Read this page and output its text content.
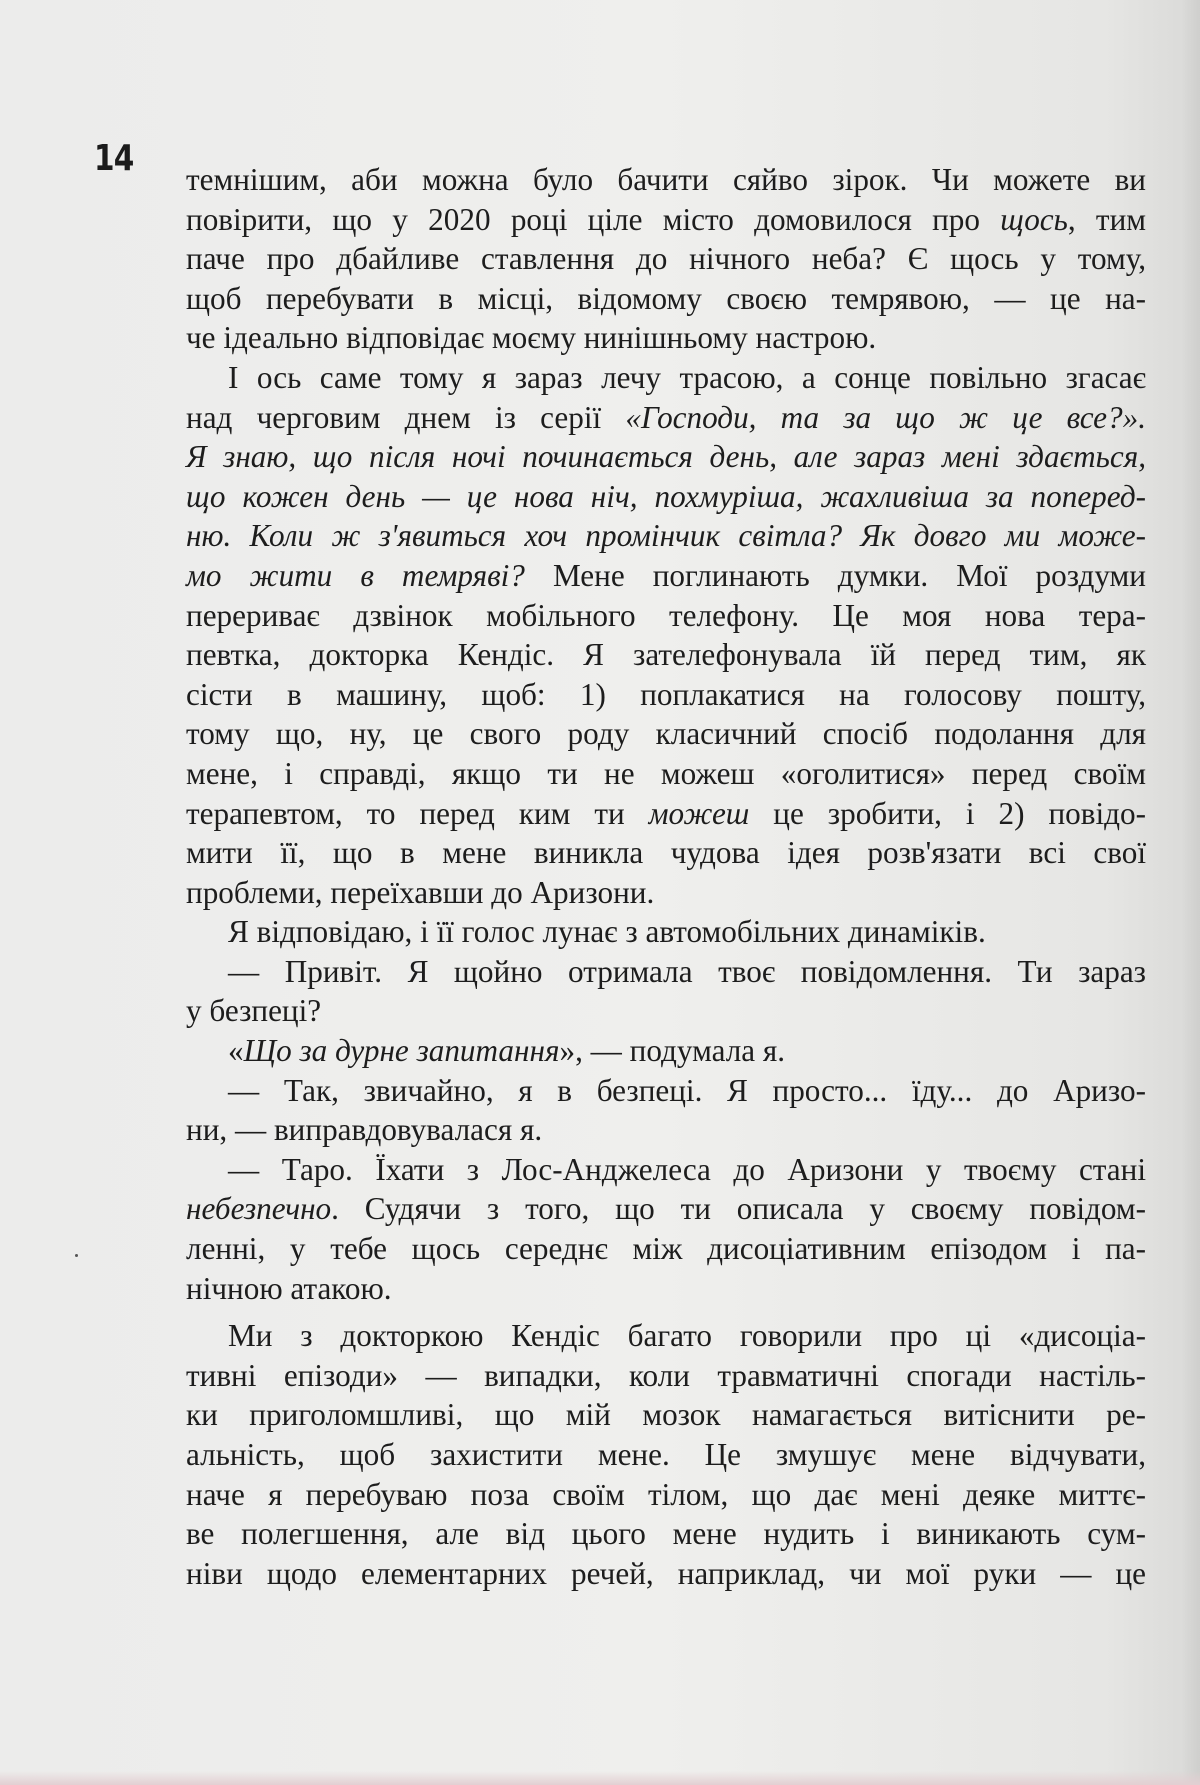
14
темнішим, аби можна було бачити сяйво зірок. Чи можете ви
повірити, що у 2020 році ціле місто домовилося про щось, тим
паче про дбайливе ставлення до нічного неба? Є щось у тому,
щоб перебувати в місці, відомому своєю темрявою, — це на-
че ідеально відповідає моєму нинішньому настрою.
І ось саме тому я зараз лечу трасою, а сонце повільно згасає
над черговим днем із серії «Господи, та за що ж це все?».
Я знаю, що після ночі починається день, але зараз мені здається,
що кожен день — це нова ніч, похмуріша, жахливіша за поперед-
ню. Коли ж з'явиться хоч промінчик світла? Як довго ми може-
мо жити в темряві? Мене поглинають думки. Мої роздуми
перериває дзвінок мобільного телефону. Це моя нова тера-
певтка, докторка Кендіс. Я зателефонувала їй перед тим, як
сісти в машину, щоб: 1) поплакатися на голосову пошту,
тому що, ну, це свого роду класичний спосіб подолання для
мене, і справді, якщо ти не можеш «оголитися» перед своїм
терапевтом, то перед ким ти можеш це зробити, і 2) повідо-
мити її, що в мене виникла чудова ідея розв'язати всі свої
проблеми, переїхавши до Аризони.
Я відповідаю, і її голос лунає з автомобільних динаміків.
— Привіт. Я щойно отримала твоє повідомлення. Ти зараз
у безпеці?
«Що за дурне запитання», — подумала я.
— Так, звичайно, я в безпеці. Я просто... їду... до Аризо-
ни, — виправдовувалася я.
— Таро. Їхати з Лос-Анджелеса до Аризони у твоєму стані
небезпечно. Судячи з того, що ти описала у своєму повідом-
ленні, у тебе щось середнє між дисоціативним епізодом і па-
нічною атакою.
Ми з докторкою Кендіс багато говорили про ці «дисоціа-
тивні епізоди» — випадки, коли травматичні спогади настіль-
ки приголомшливі, що мій мозок намагається витіснити ре-
альність, щоб захистити мене. Це змушує мене відчувати,
наче я перебуваю поза своїм тілом, що дає мені деяке миттє-
ве полегшення, але від цього мене нудить і виникають сум-
ніви щодо елементарних речей, наприклад, чи мої руки — це
